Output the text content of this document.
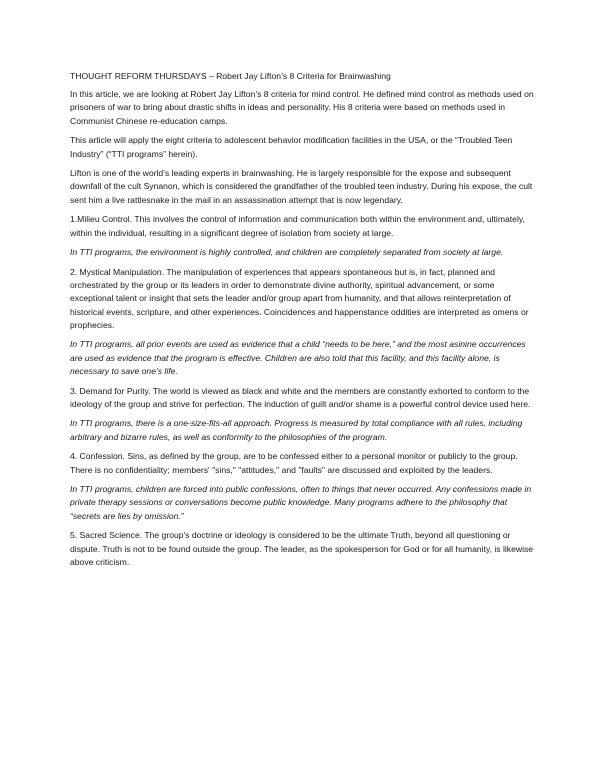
THOUGHT REFORM THURSDAYS – Robert Jay Lifton’s 8 Criteria for Brainwashing

In this article, we are looking at Robert Jay Lifton’s 8 criteria for mind control. He defined mind control as methods used on prisoners of war to bring about drastic shifts in ideas and personality. His 8 criteria were based on methods used in Communist Chinese re-education camps.

This article will apply the eight criteria to adolescent behavior modification facilities in the USA, or the “Troubled Teen Industry” (“TTI programs” herein).

Lifton is one of the world’s leading experts in brainwashing. He is largely responsible for the expose and subsequent downfall of the cult Synanon, which is considered the grandfather of the troubled teen industry. During his expose, the cult sent him a live rattlesnake in the mail in an assassination attempt that is now legendary.

1.Milieu Control. This involves the control of information and communication both within the environment and, ultimately, within the individual, resulting in a significant degree of isolation from society at large.

In TTI programs, the environment is highly controlled, and children are completely separated from society at large.

2. Mystical Manipulation. The manipulation of experiences that appears spontaneous but is, in fact, planned and orchestrated by the group or its leaders in order to demonstrate divine authority, spiritual advancement, or some exceptional talent or insight that sets the leader and/or group apart from humanity, and that allows reinterpretation of historical events, scripture, and other experiences. Coincidences and happenstance oddities are interpreted as omens or prophecies.

In TTI programs, all prior events are used as evidence that a child “needs to be here,” and the most asinine occurrences are used as evidence that the program is effective. Children are also told that this facility, and this facility alone, is necessary to save one’s life.

3. Demand for Purity. The world is viewed as black and white and the members are constantly exhorted to conform to the ideology of the group and strive for perfection. The induction of guilt and/or shame is a powerful control device used here.

In TTI programs, there is a one-size-fits-all approach. Progress is measured by total compliance with all rules, including arbitrary and bizarre rules, as well as conformity to the philosophies of the program.

4. Confession. Sins, as defined by the group, are to be confessed either to a personal monitor or publicly to the group. There is no confidentiality; members' "sins," "attitudes," and "faults" are discussed and exploited by the leaders.

In TTI programs, children are forced into public confessions, often to things that never occurred. Any confessions made in private therapy sessions or conversations become public knowledge. Many programs adhere to the philosophy that “secrets are lies by omission.”

5. Sacred Science. The group's doctrine or ideology is considered to be the ultimate Truth, beyond all questioning or dispute. Truth is not to be found outside the group. The leader, as the spokesperson for God or for all humanity, is likewise above criticism.
